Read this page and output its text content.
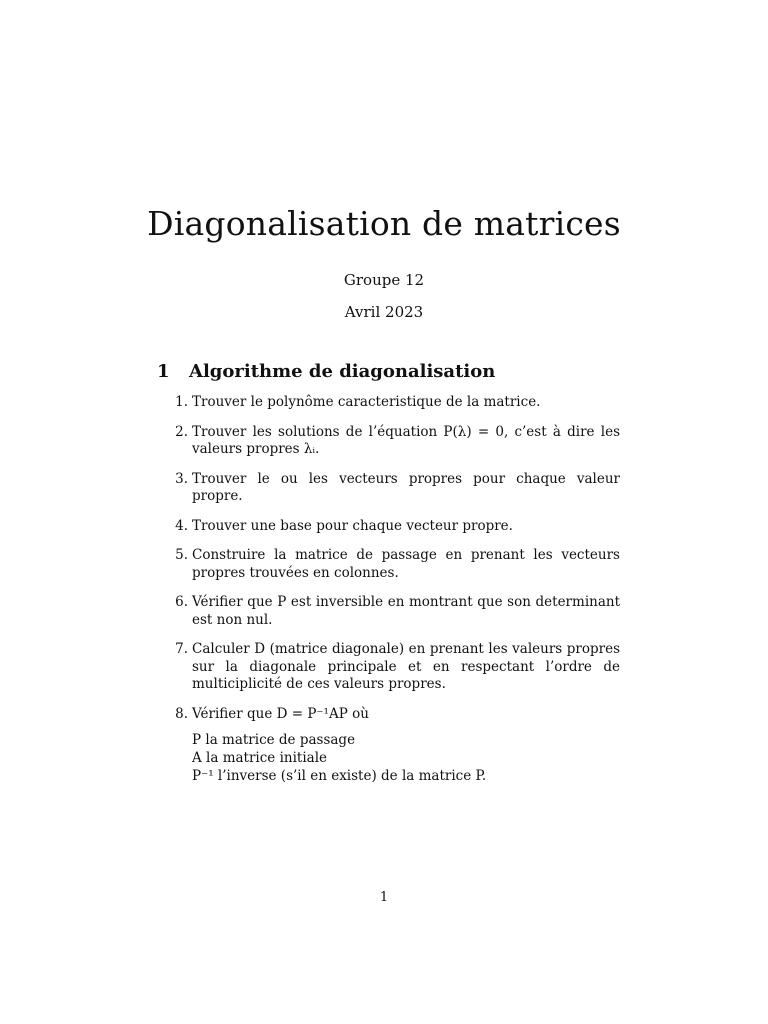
Diagonalisation de matrices
Groupe 12
Avril 2023
1 Algorithme de diagonalisation
1. Trouver le polynôme caracteristique de la matrice.
2. Trouver les solutions de l’équation P(λ) = 0, c’est à dire les valeurs propres λᵢ.
3. Trouver le ou les vecteurs propres pour chaque valeur propre.
4. Trouver une base pour chaque vecteur propre.
5. Construire la matrice de passage en prenant les vecteurs propres trouvées en colonnes.
6. Vérifier que P est inversible en montrant que son determinant est non nul.
7. Calculer D (matrice diagonale) en prenant les valeurs propres sur la diagonale principale et en respectant l’ordre de multiciplicité de ces valeurs propres.
8. Vérifier que D = P⁻¹AP où
P la matrice de passage
A la matrice initiale
P⁻¹ l’inverse (s’il en existe) de la matrice P.
1
